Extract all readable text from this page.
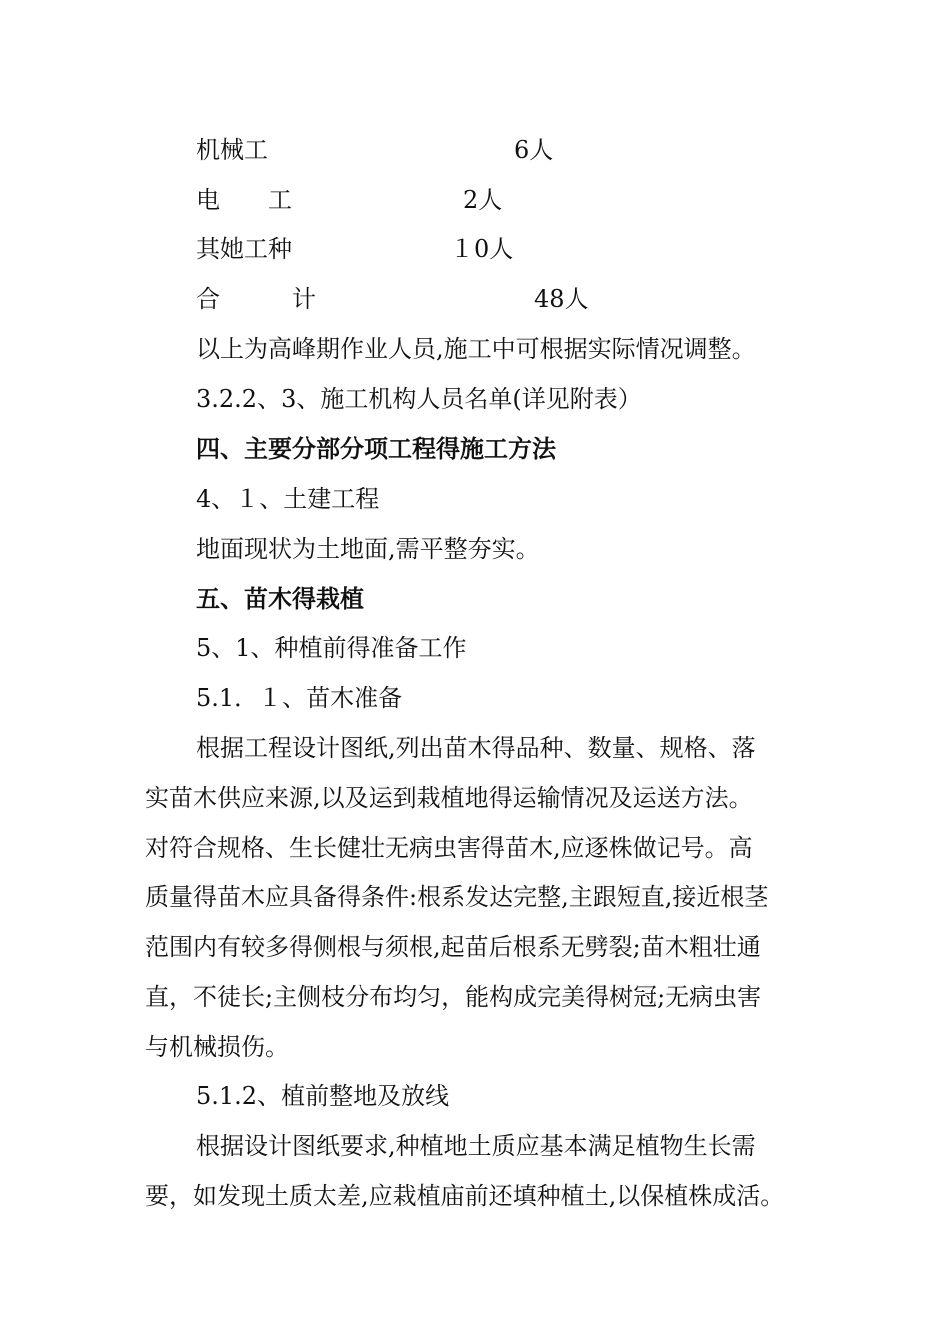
机械工	6人
电  工	2人
其她工种	１0人
合   计	48人
以上为高峰期作业人员,施工中可根据实际情况调整。
3.2.2、3、施工机构人员名单(详见附表）
四、主要分部分项工程得施工方法
4、１、土建工程
地面现状为土地面,需平整夯实。
五、苗木得栽植
5、1、种植前得准备工作
5.1．１、苗木准备
根据工程设计图纸,列出苗木得品种、数量、规格、落
实苗木供应来源,以及运到栽植地得运输情况及运送方法。
对符合规格、生长健壮无病虫害得苗木,应逐株做记号。高
质量得苗木应具备得条件:根系发达完整,主跟短直,接近根茎
范围内有较多得侧根与须根,起苗后根系无劈裂;苗木粗壮通
直，不徒长;主侧枝分布均匀，能构成完美得树冠;无病虫害
与机械损伤。
5.1.2、植前整地及放线
根据设计图纸要求,种植地土质应基本满足植物生长需
要，如发现土质太差,应栽植庙前还填种植土,以保植株成活。
